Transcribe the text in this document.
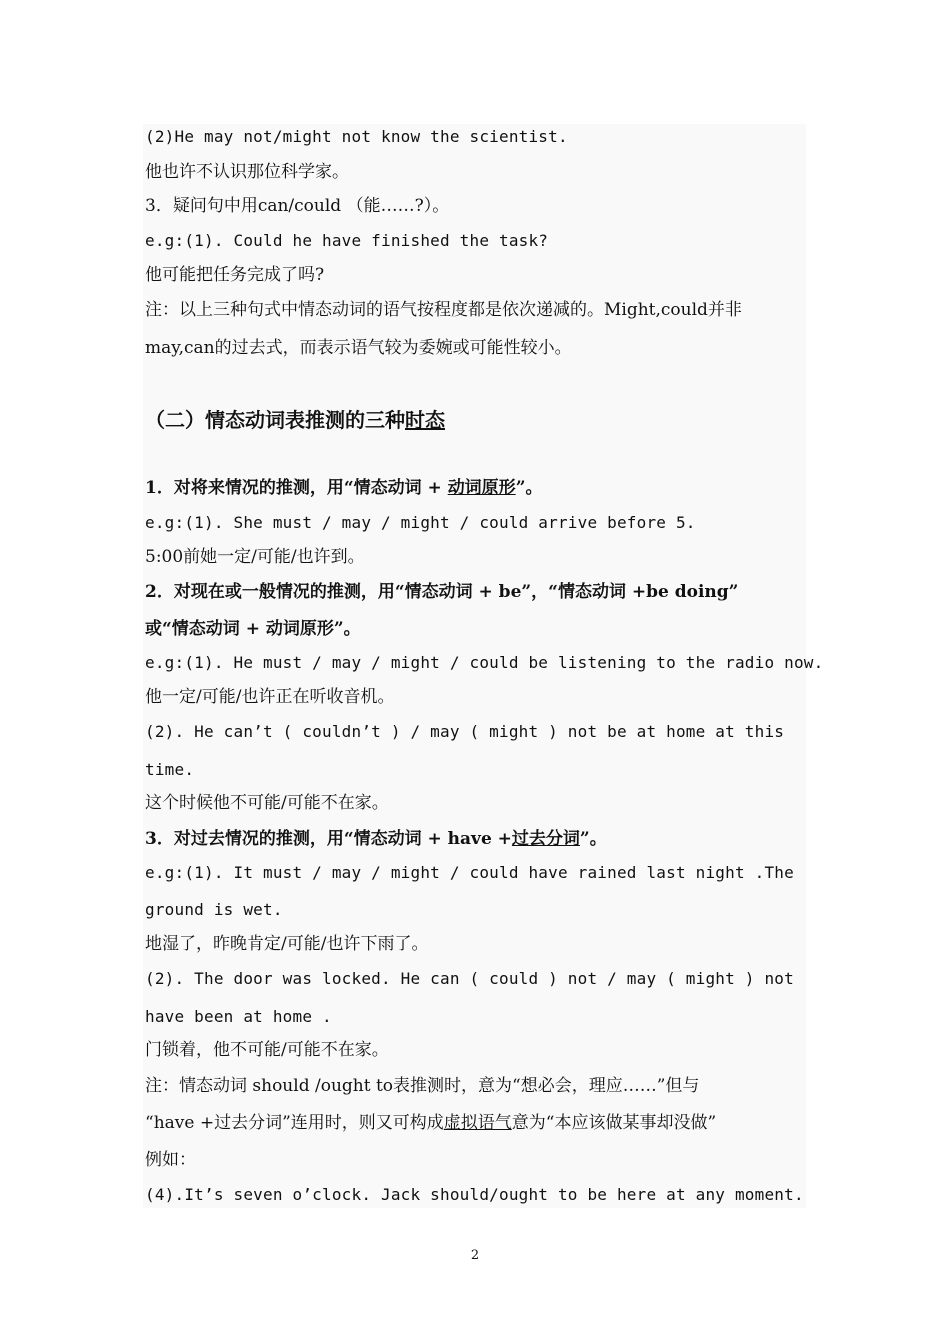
(2)He may not/might not know the scientist.
他也许不认识那位科学家。
3．疑问句中用can/could （能……?）。
e.g:(1). Could he have finished the task?
他可能把任务完成了吗?
注：以上三种句式中情态动词的语气按程度都是依次递减的。Might,could并非
may,can的过去式，而表示语气较为委婉或可能性较小。
（二）情态动词表推测的三种时态
1．对将来情况的推测，用“情态动词 + 动词原形”。
e.g:(1). She must / may / might / could arrive before 5.
5:00前她一定/可能/也许到。
2．对现在或一般情况的推测，用“情态动词 + be”，“情态动词 +be doing”
或“情态动词 + 动词原形”。
e.g:(1). He must / may / might / could be listening to the radio now.
他一定/可能/也许正在听收音机。
(2). He can’t ( couldn’t ) / may ( might ) not be at home at this
time.
这个时候他不可能/可能不在家。
3．对过去情况的推测，用“情态动词 + have +过去分词”。
e.g:(1). It must / may / might / could have rained last night .The
ground is wet.
地湿了，昨晚肯定/可能/也许下雨了。
(2). The door was locked. He can ( could ) not / may ( might ) not
have been at home .
门锁着，他不可能/可能不在家。
注：情态动词 should /ought to表推测时，意为“想必会，理应……”但与
“have +过去分词”连用时，则又可构成虚拟语气意为“本应该做某事却没做”
例如：
(4).It’s seven o’clock. Jack should/ought to be here at any moment.
2
